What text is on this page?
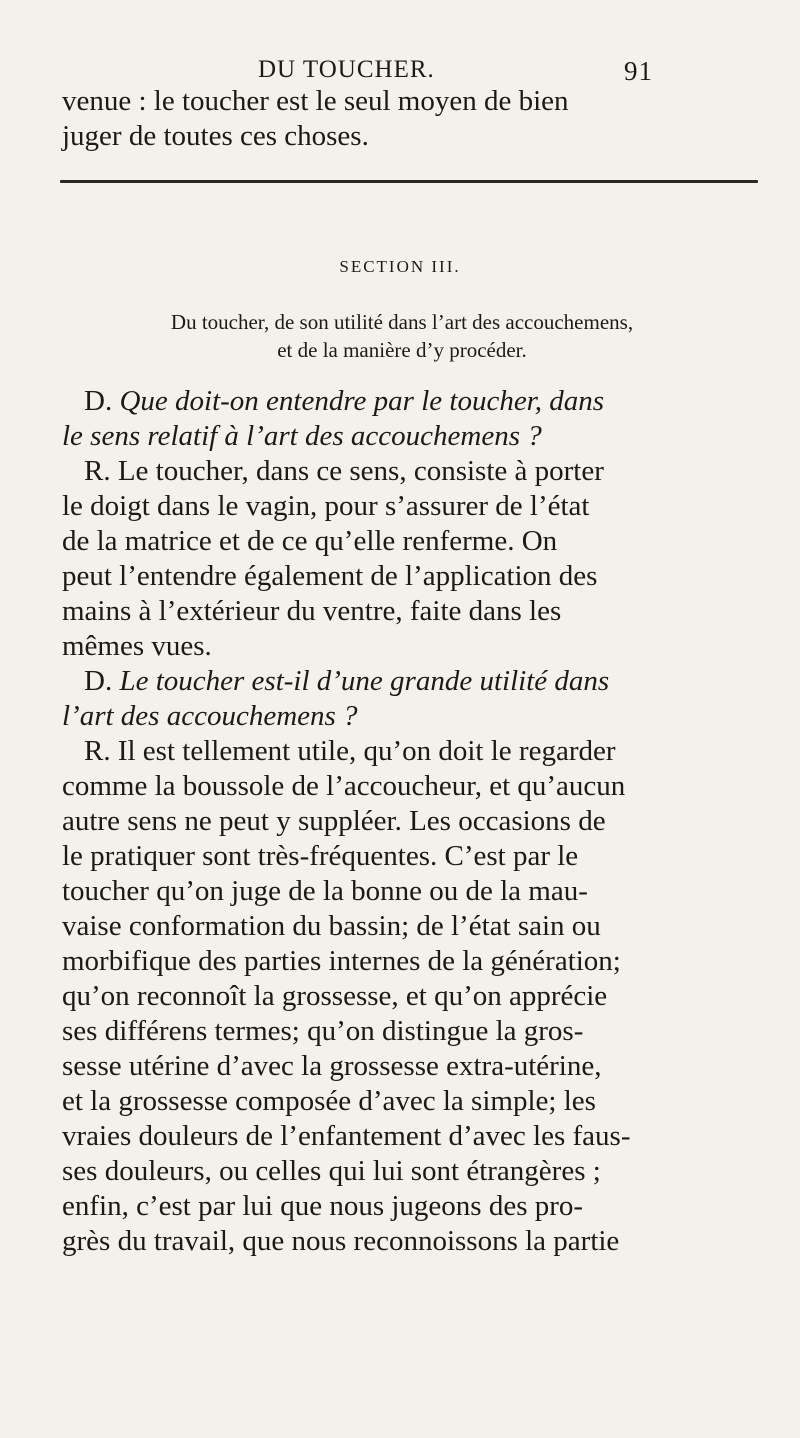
DU TOUCHER.	91

venue : le toucher est le seul moyen de bien

juger de toutes ces choses.

SECTION III.

Du toucher, de son utilité dans l’art des accouchemens,

et de la manière d’y procéder.

D. Que doit-on entendre par le toucher, dans
le sens relatif à l’art des accouchemens ?
R. Le toucher, dans ce sens, consiste à porter
le doigt dans le vagin, pour s’assurer de l’état
de la matrice et de ce qu’elle renferme. On
peut l’entendre également de l’application des
mains à l’extérieur du ventre, faite dans les
mêmes vues.
D. Le toucher est-il d’une grande utilité dans
l’art des accouchemens ?
R. Il est tellement utile, qu’on doit le regarder
comme la boussole de l’accoucheur, et qu’aucun
autre sens ne peut y suppléer. Les occasions de
le pratiquer sont très-fréquentes. C’est par le
toucher qu’on juge de la bonne ou de la mau-
vaise conformation du bassin; de l’état sain ou
morbifique des parties internes de la génération;
qu’on reconnoît la grossesse, et qu’on apprécie
ses différens termes; qu’on distingue la gros-
sesse utérine d’avec la grossesse extra-utérine,
et la grossesse composée d’avec la simple; les
vraies douleurs de l’enfantement d’avec les faus-
ses douleurs, ou celles qui lui sont étrangères ;
enfin, c’est par lui que nous jugeons des pro-
grès du travail, que nous reconnoissons la partie
